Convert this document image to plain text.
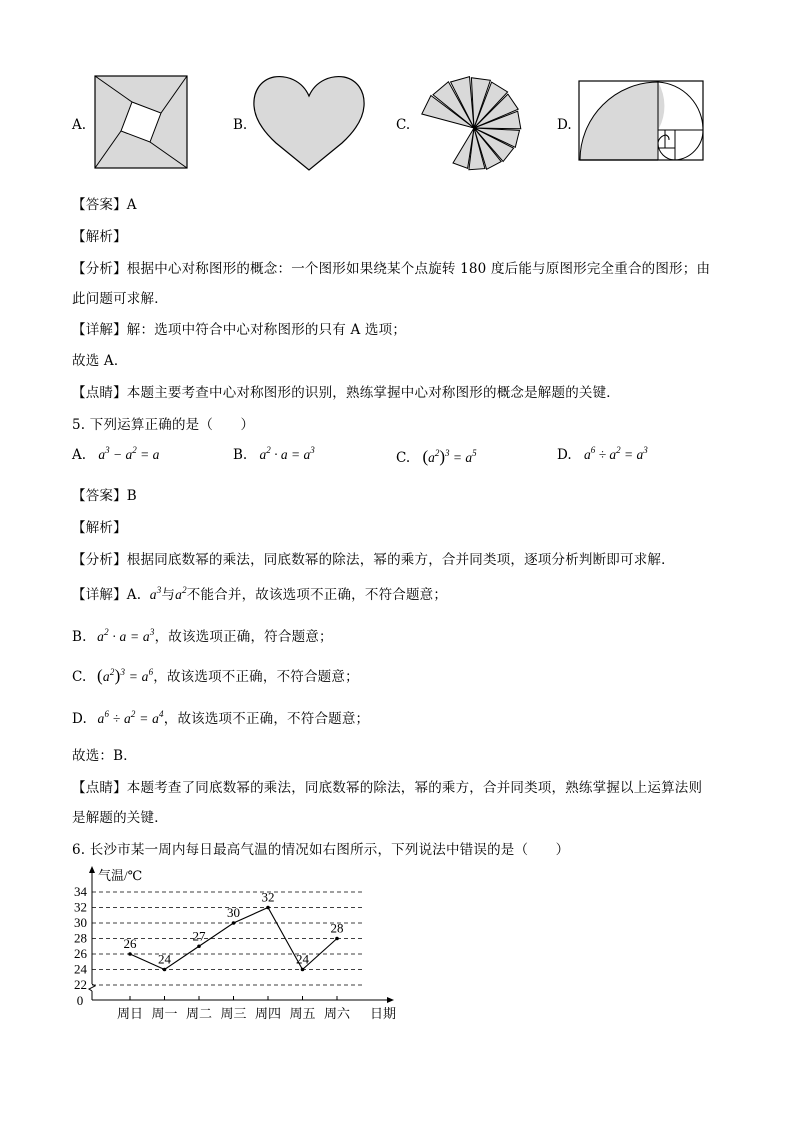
A.	B.	C.	D.
【答案】A
【解析】
【分析】根据中心对称图形的概念：一个图形如果绕某个点旋转 180 度后能与原图形完全重合的图形；由
此问题可求解．
【详解】解：选项中符合中心对称图形的只有 A 选项；
故选 A．
【点睛】本题主要考查中心对称图形的识别，熟练掌握中心对称图形的概念是解题的关键．
5. 下列运算正确的是（　　）
A. $a^3 - a^2 = a$	B. $a^2 \cdot a = a^3$	C. $(a^2)^3 = a^5$	D. $a^6 \div a^2 = a^3$
【答案】B
【解析】
【分析】根据同底数幂的乘法，同底数幂的除法，幂的乘方，合并同类项，逐项分析判断即可求解．
【详解】A. $a^3$与$a^2$不能合并，故该选项不正确，不符合题意；
B. $a^2 \cdot a = a^3$，故该选项正确，符合题意；
C. $(a^2)^3 = a^6$，故该选项不正确，不符合题意；
D. $a^6 \div a^2 = a^4$，故该选项不正确，不符合题意；
故选：B．
【点睛】本题考查了同底数幂的乘法，同底数幂的除法，幂的乘方，合并同类项，熟练掌握以上运算法则
是解题的关键．
6. 长沙市某一周内每日最高气温的情况如右图所示，下列说法中错误的是（　　）
22
24
26
28
30
32
34
0
气温/℃
日期
周日 周一 周二 周三 周四 周五 周六
26
24
27
30
32
24
28
